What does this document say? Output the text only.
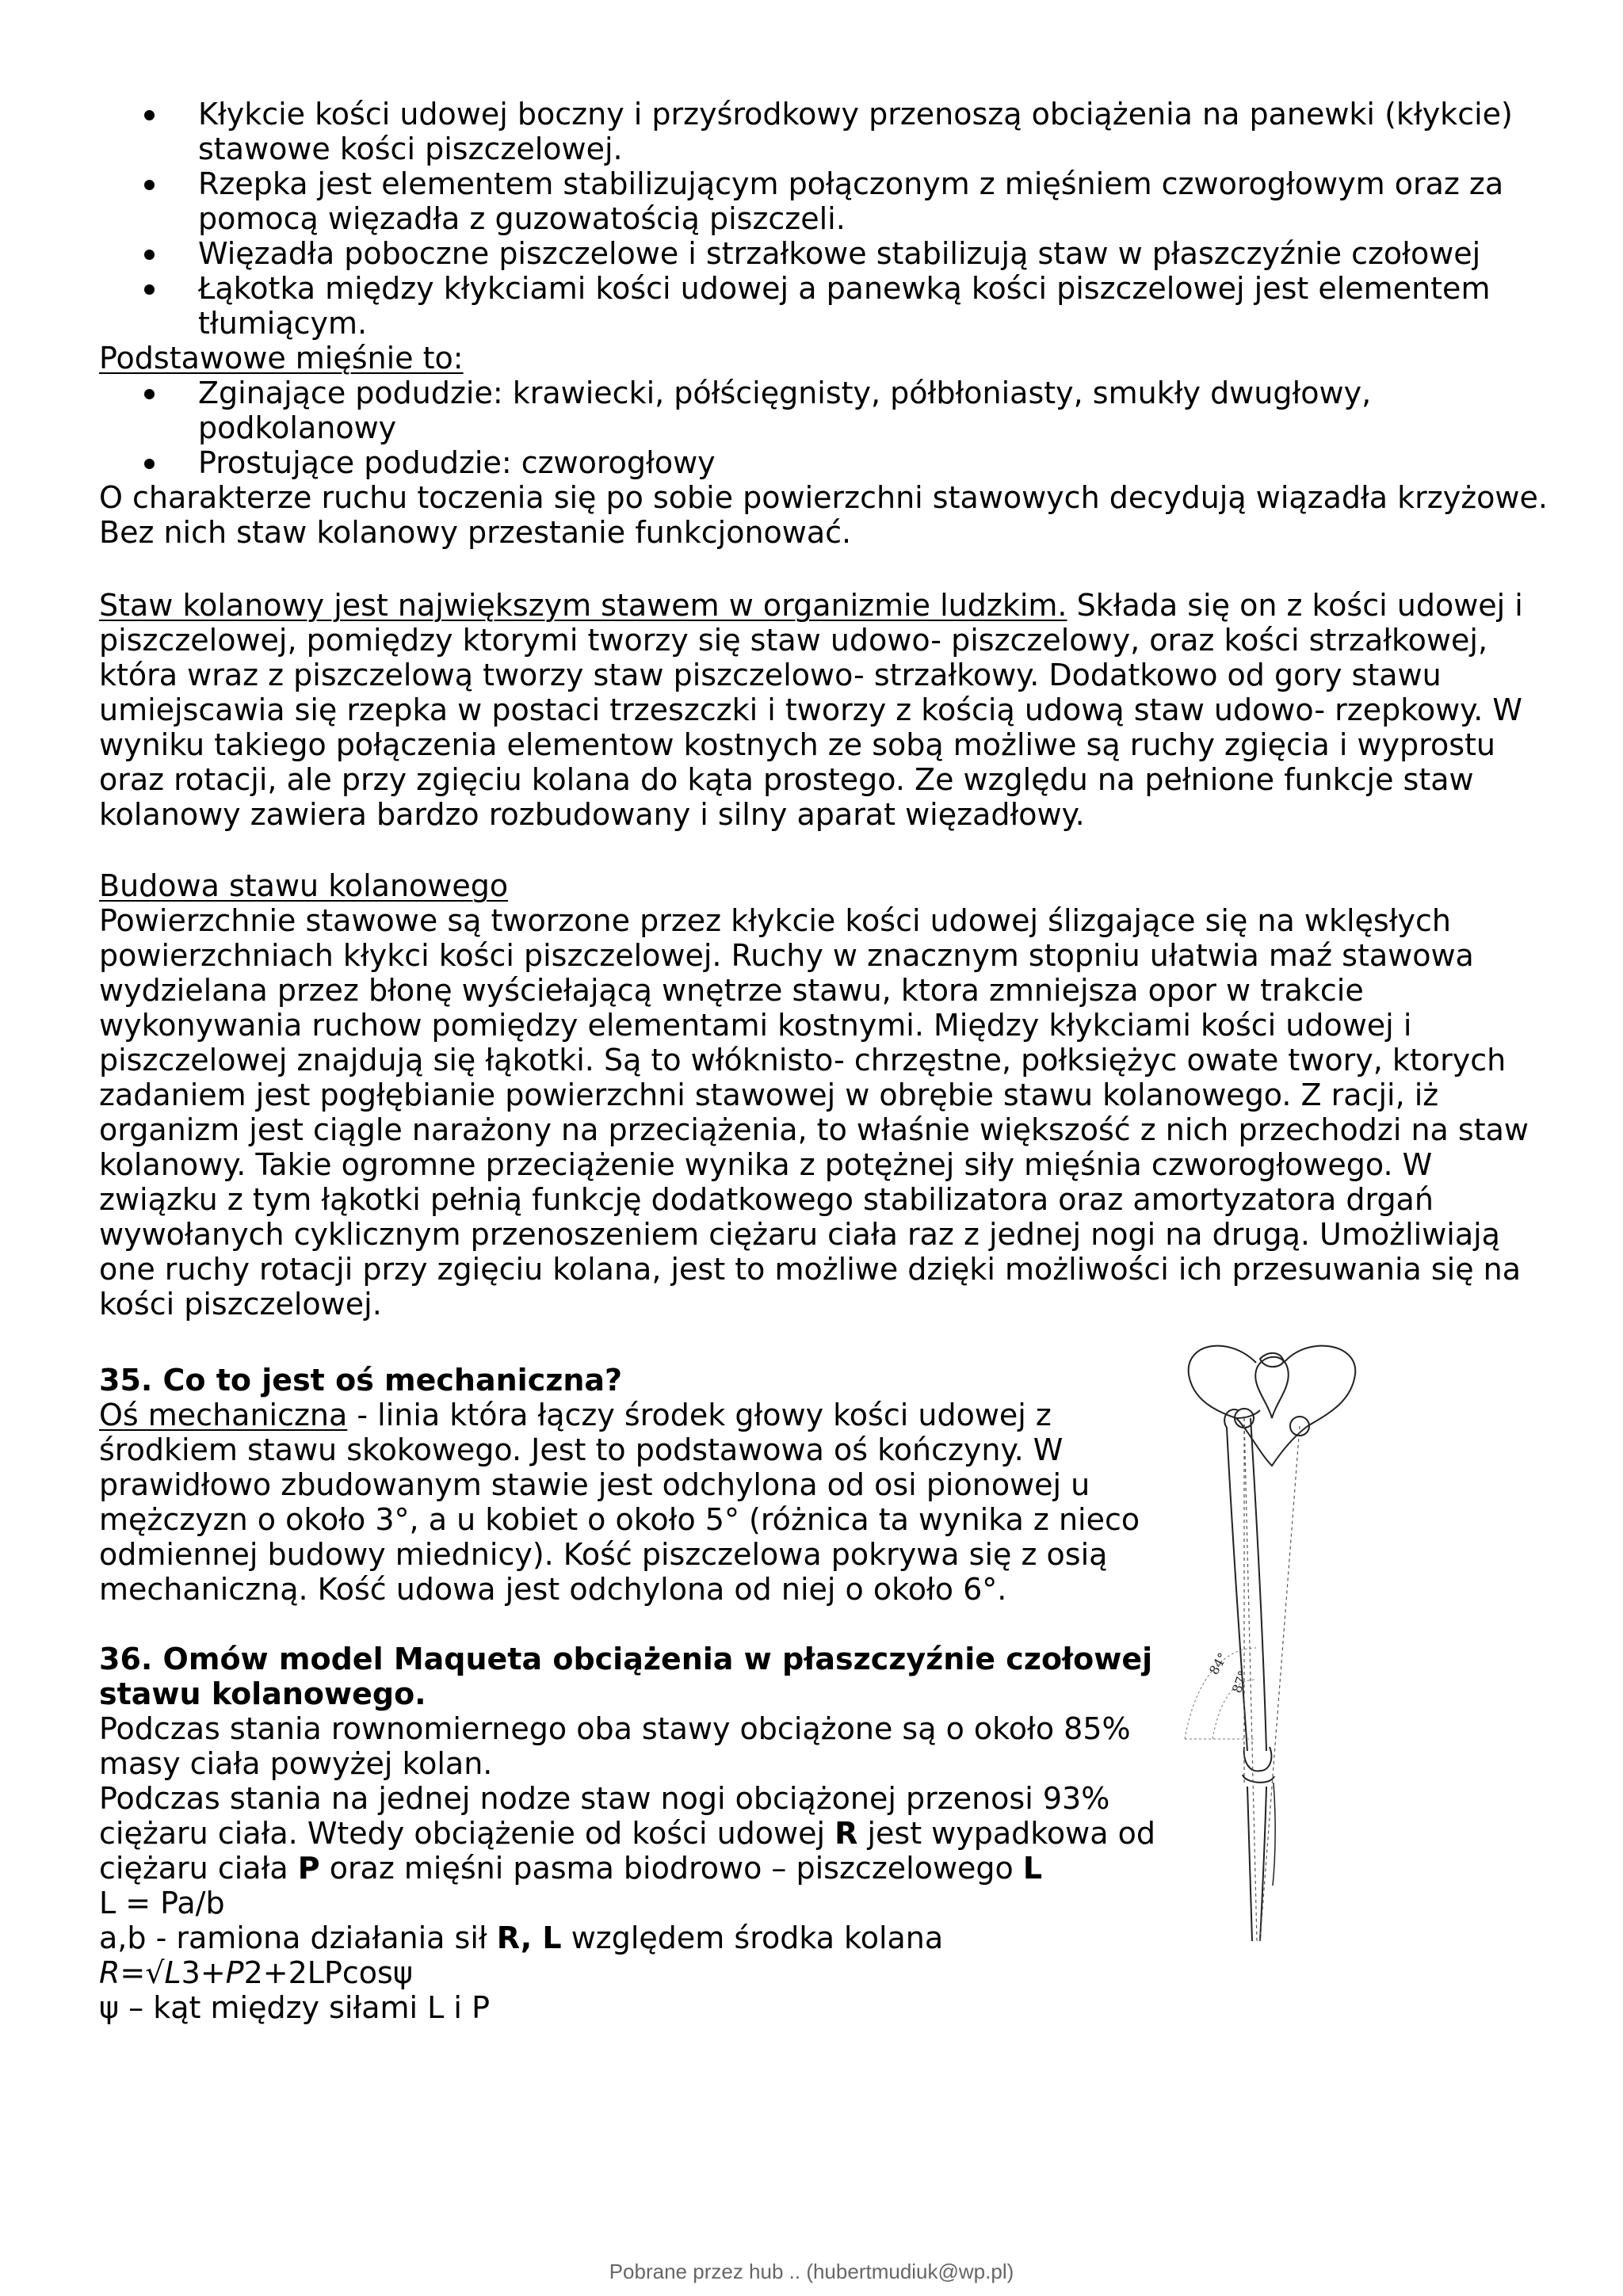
Kłykcie kości udowej boczny i przyśrodkowy przenoszą obciążenia na panewki (kłykcie) stawowe kości piszczelowej.
Rzepka jest elementem stabilizującym połączonym z mięśniem czworogłowym oraz za pomocą więzadła z guzowatością piszczeli.
Więzadła poboczne piszczelowe i strzałkowe stabilizują staw w płaszczyźnie czołowej
Łąkotka między kłykciami kości udowej a panewką kości piszczelowej jest elementem tłumiącym.

Podstawowe mięśnie to:

Zginające podudzie: krawiecki, półścięgnisty, półbłoniasty, smukły dwugłowy, podkolanowy
Prostujące podudzie: czworogłowy

O charakterze ruchu toczenia się po sobie powierzchni stawowych decydują wiązadła krzyżowe. Bez nich staw kolanowy przestanie funkcjonować.

Staw kolanowy jest największym stawem w organizmie ludzkim. Składa się on z kości udowej i piszczelowej, pomiędzy ktorymi tworzy się staw udowo- piszczelowy, oraz kości strzałkowej, która wraz z piszczelową tworzy staw piszczelowo- strzałkowy. Dodatkowo od gory stawu umiejscawia się rzepka w postaci trzeszczki i tworzy z kością udową staw udowo- rzepkowy. W wyniku takiego połączenia elementow kostnych ze sobą możliwe są ruchy zgięcia i wyprostu oraz rotacji, ale przy zgięciu kolana do kąta prostego. Ze względu na pełnione funkcje staw kolanowy zawiera bardzo rozbudowany i silny aparat więzadłowy.

Budowa stawu kolanowego

Powierzchnie stawowe są tworzone przez kłykcie kości udowej ślizgające się na wklęsłych powierzchniach kłykci kości piszczelowej. Ruchy w znacznym stopniu ułatwia maź stawowa wydzielana przez błonę wyściełającą wnętrze stawu, ktora zmniejsza opor w trakcie wykonywania ruchow pomiędzy elementami kostnymi. Między kłykciami kości udowej i piszczelowej znajdują się łąkotki. Są to włóknisto- chrzęstne, połksiężyc owate twory, ktorych zadaniem jest pogłębianie powierzchni stawowej w obrębie stawu kolanowego. Z racji, iż organizm jest ciągle narażony na przeciążenia, to właśnie większość z nich przechodzi na staw kolanowy. Takie ogromne przeciążenie wynika z potężnej siły mięśnia czworogłowego. W związku z tym łąkotki pełnią funkcję dodatkowego stabilizatora oraz amortyzatora drgań wywołanych cyklicznym przenoszeniem ciężaru ciała raz z jednej nogi na drugą. Umożliwiają one ruchy rotacji przy zgięciu kolana, jest to możliwe dzięki możliwości ich przesuwania się na kości piszczelowej.

35. Co to jest oś mechaniczna?

Oś mechaniczna - linia która łączy środek głowy kości udowej z środkiem stawu skokowego. Jest to podstawowa oś kończyny. W prawidłowo zbudowanym stawie jest odchylona od osi pionowej u mężczyzn o około 3°, a u kobiet o około 5° (różnica ta wynika z nieco odmiennej budowy miednicy). Kość piszczelowa pokrywa się z osią mechaniczną. Kość udowa jest odchylona od niej o około 6°.

36. Omów model Maqueta obciążenia w płaszczyźnie czołowej stawu kolanowego.

Podczas stania rownomiernego oba stawy obciążone są o około 85% masy ciała powyżej kolan.

Podczas stania na jednej nodze staw nogi obciążonej przenosi 93% ciężaru ciała. Wtedy obciążenie od kości udowej R jest wypadkowa od ciężaru ciała P oraz mięśni pasma biodrowo – piszczelowego L

L = Pa/b

a,b - ramiona działania sił R, L względem środka kolana

R=√L3+P2+2LPcosψ

ψ – kąt między siłami L i P

84°
87°
Pobrane przez hub .. (hubertmudiuk@wp.pl)
